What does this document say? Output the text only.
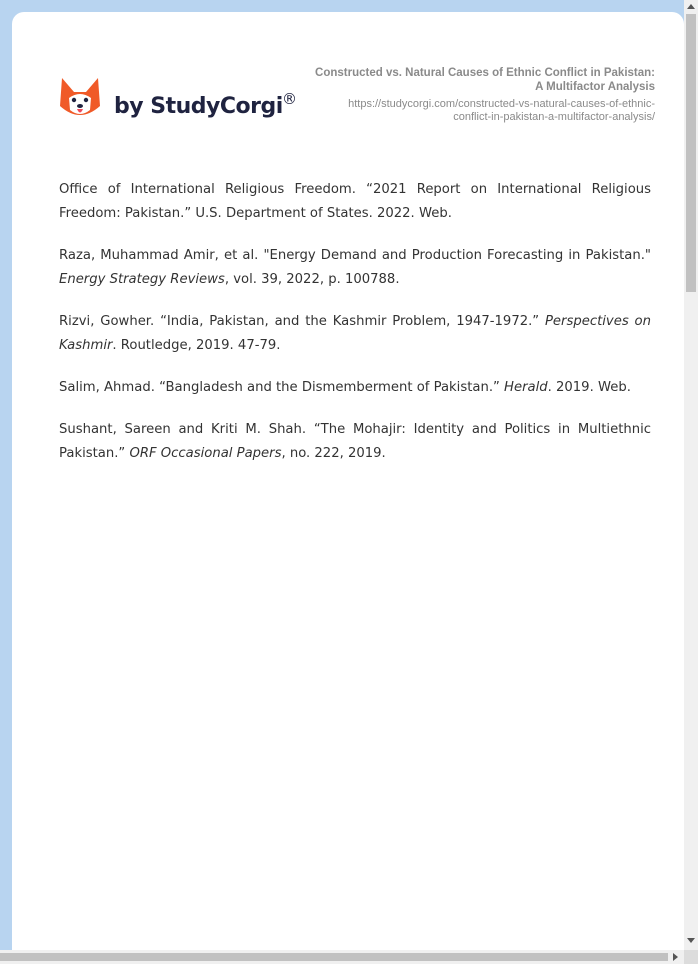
by StudyCorgi ®
Constructed vs. Natural Causes of Ethnic Conflict in Pakistan: A Multifactor Analysis
https://studycorgi.com/constructed-vs-natural-causes-of-ethnic-conflict-in-pakistan-a-multifactor-analysis/

Office of International Religious Freedom. “2021 Report on International Religious Freedom: Pakistan.” U.S. Department of States. 2022. Web.

Raza, Muhammad Amir, et al. "Energy Demand and Production Forecasting in Pakistan." Energy Strategy Reviews, vol. 39, 2022, p. 100788.

Rizvi, Gowher. “India, Pakistan, and the Kashmir Problem, 1947-1972.” Perspectives on Kashmir. Routledge, 2019. 47-79.

Salim, Ahmad. “Bangladesh and the Dismemberment of Pakistan.” Herald. 2019. Web.

Sushant, Sareen and Kriti M. Shah. “The Mohajir: Identity and Politics in Multiethnic Pakistan.” ORF Occasional Papers, no. 222, 2019.
